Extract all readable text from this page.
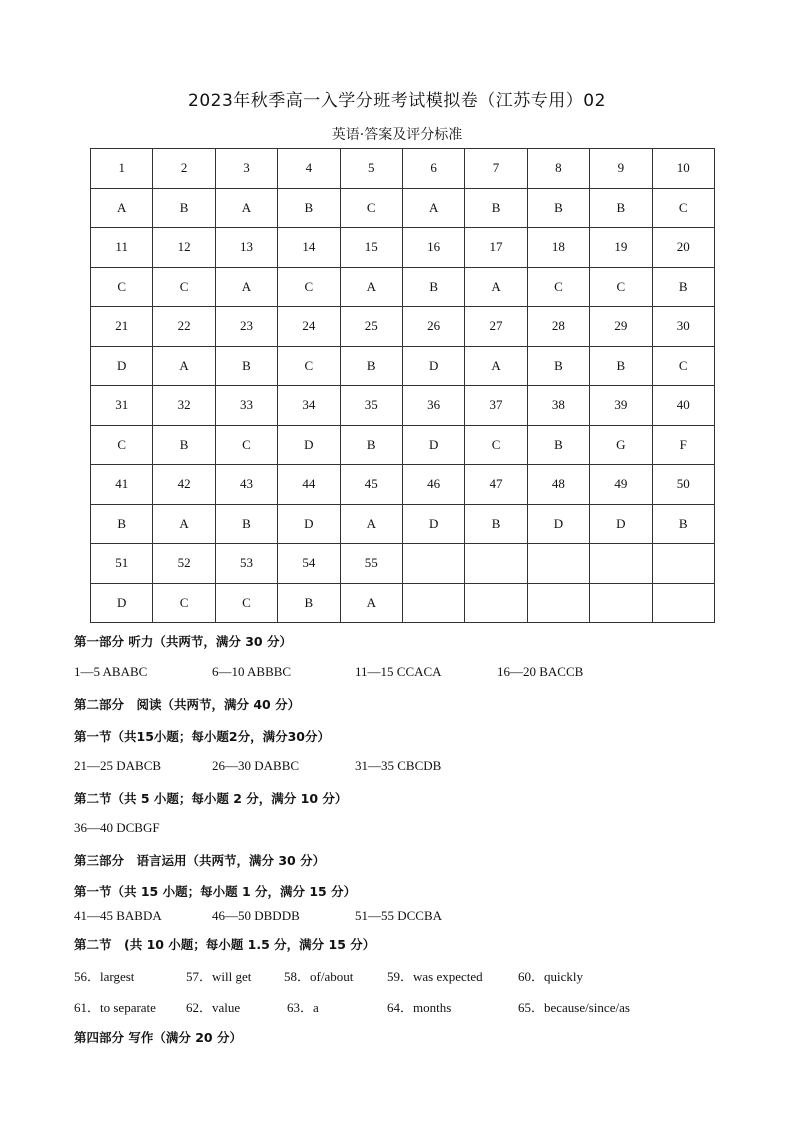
2023年秋季高一入学分班考试模拟卷（江苏专用）02
英语·答案及评分标准
1	2	3	4	5	6	7	8	9	10
A	B	A	B	C	A	B	B	B	C
11	12	13	14	15	16	17	18	19	20
C	C	A	C	A	B	A	C	C	B
21	22	23	24	25	26	27	28	29	30
D	A	B	C	B	D	A	B	B	C
31	32	33	34	35	36	37	38	39	40
C	B	C	D	B	D	C	B	G	F
41	42	43	44	45	46	47	48	49	50
B	A	B	D	A	D	B	D	D	B
51	52	53	54	55					
D	C	C	B	A					
第一部分 听力（共两节，满分 30 分）
1—5 ABABC	6—10 ABBBC	11—15 CCACA	16—20 BACCB
第二部分　阅读（共两节，满分 40 分）
第一节（共15小题；每小题2分，满分30分）
21—25 DABCB	26—30 DABBC	31—35 CBCDB
第二节（共 5 小题；每小题 2 分，满分 10 分）
36—40 DCBGF
第三部分　语言运用（共两节，满分 30 分）
第一节（共 15 小题；每小题 1 分，满分 15 分）
41—45 BABDA	46—50 DBDDB	51—55 DCCBA
第二节　(共 10 小题；每小题 1.5 分，满分 15 分）
56．largest	57．will get	58．of/about	59．was expected	60．quickly
61．to separate 62．value	63．a	64．months	65．because/since/as
第四部分 写作（满分 20 分）
